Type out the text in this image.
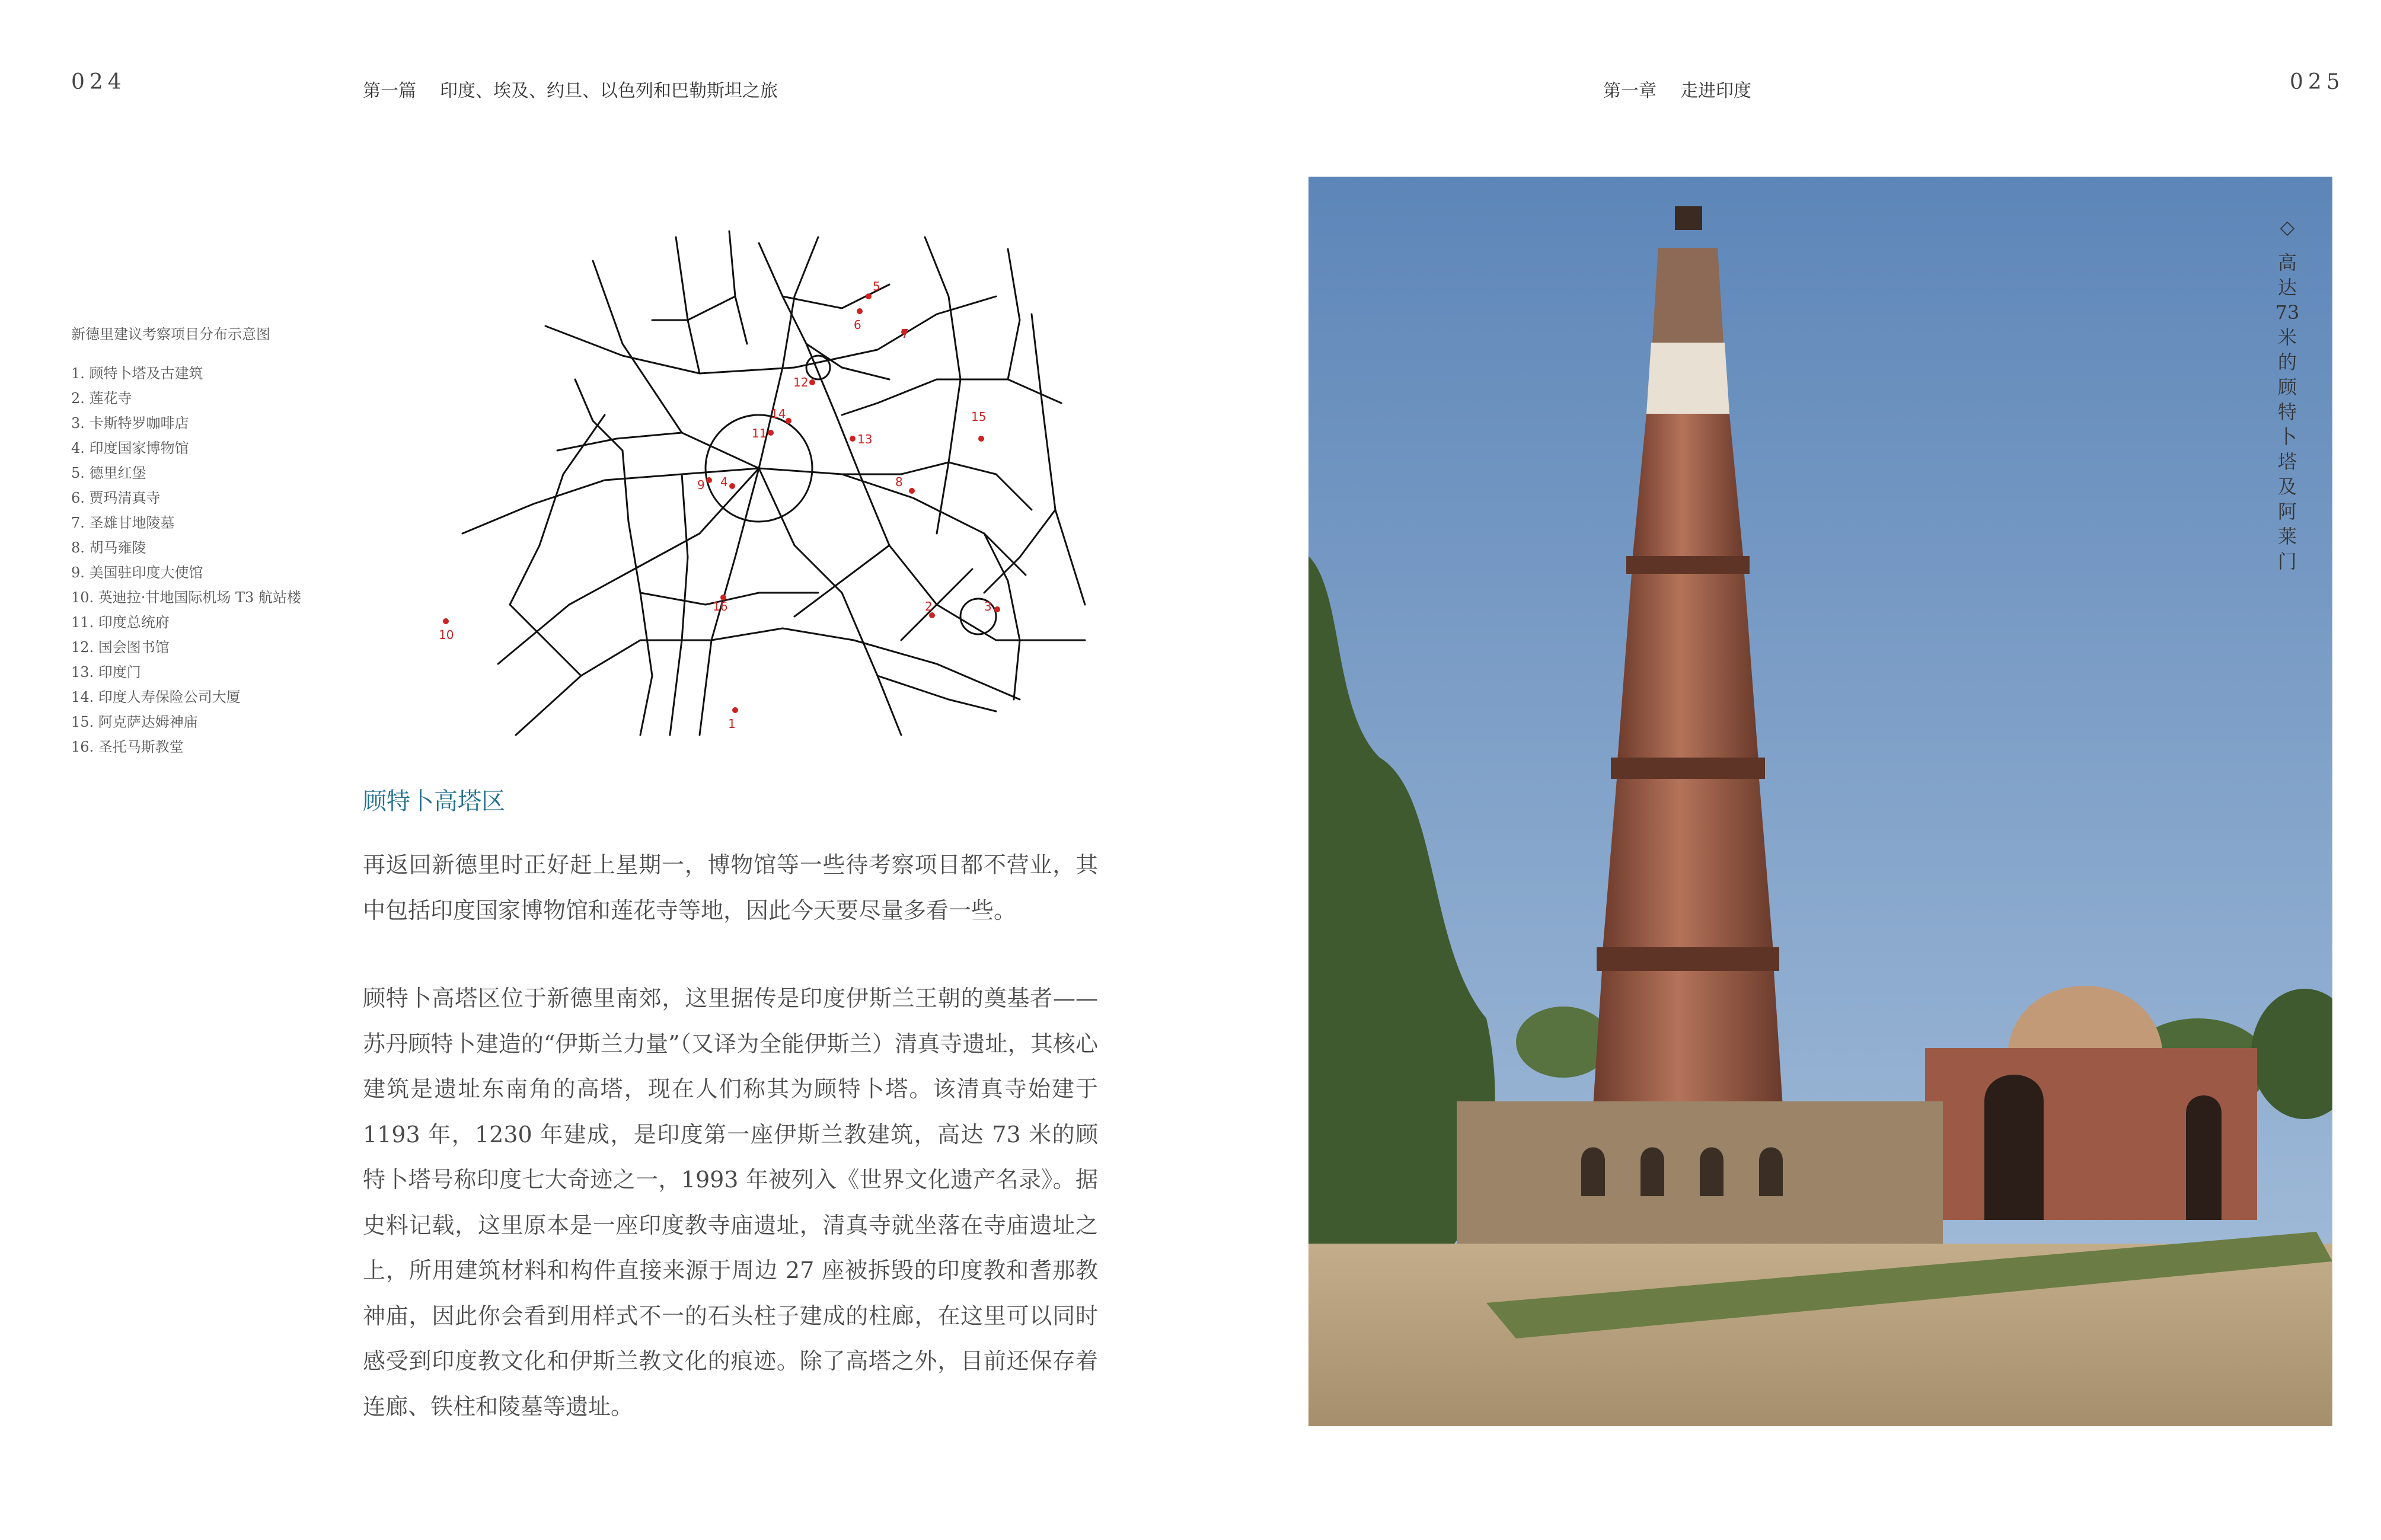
024	第一篇 印度、埃及、约旦、以色列和巴勒斯坦之旅	第一章 走进印度	025
新德里建议考察项目分布示意图
1. 顾特卜塔及古建筑
2. 莲花寺
3. 卡斯特罗咖啡店
4. 印度国家博物馆
5. 德里红堡
6. 贾玛清真寺
7. 圣雄甘地陵墓
8. 胡马雍陵
9. 美国驻印度大使馆
10. 英迪拉·甘地国际机场 T3 航站楼
11. 印度总统府
12. 国会图书馆
13. 印度门
14. 印度人寿保险公司大厦
15. 阿克萨达姆神庙
16. 圣托马斯教堂
1
2	3
4
5
6
7
8
9
10
11
12
13
14	15
16
顾特卜高塔区

再返回新德里时正好赶上星期一，博物馆等一些待考察项目都不营业，其中包括印度国家博物馆和莲花寺等地，因此今天要尽量多看一些。

顾特卜高塔区位于新德里南郊，这里据传是印度伊斯兰王朝的奠基者——苏丹顾特卜建造的“伊斯兰力量”（又译为全能伊斯兰）清真寺遗址，其核心建筑是遗址东南角的高塔，现在人们称其为顾特卜塔。该清真寺始建于 1193 年，1230 年建成，是印度第一座伊斯兰教建筑，高达 73 米的顾特卜塔号称印度七大奇迹之一，1993 年被列入《世界文化遗产名录》。据史料记载，这里原本是一座印度教寺庙遗址，清真寺就坐落在寺庙遗址之上，所用建筑材料和构件直接来源于周边 27 座被拆毁的印度教和耆那教神庙，因此你会看到用样式不一的石头柱子建成的柱廊，在这里可以同时感受到印度教文化和伊斯兰教文化的痕迹。除了高塔之外，目前还保存着连廊、铁柱和陵墓等遗址。

◇
高
达
73
米
的
顾
特
卜
塔
及
阿
莱
门
